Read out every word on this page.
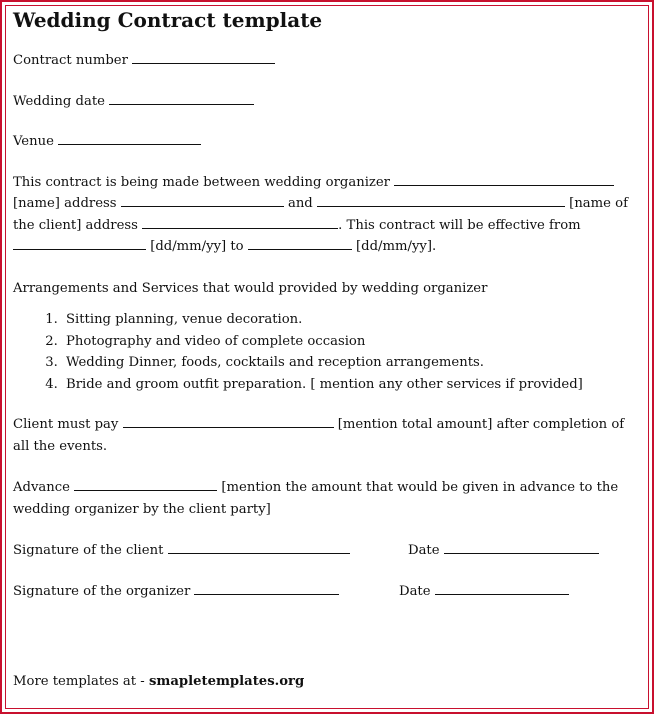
Wedding Contract template
Contract number
Wedding date
Venue
This contract is being made between wedding organizer  [name] address	and	[name of the client] address	. This contract will be effective from  [dd/mm/yy] to	[dd/mm/yy].
Arrangements and Services that would provided by wedding organizer
1. Sitting planning, venue decoration.
2. Photography and video of complete occasion
3. Wedding Dinner, foods, cocktails and reception arrangements.
4. Bride and groom outfit preparation. [ mention any other services if provided]
Client must pay	[mention total amount] after completion of all the events.
Advance	[mention the amount that would be given in advance to the wedding organizer by the client party]
Signature of the client	Date
Signature of the organizer	Date
More templates at - smapletemplates.org
